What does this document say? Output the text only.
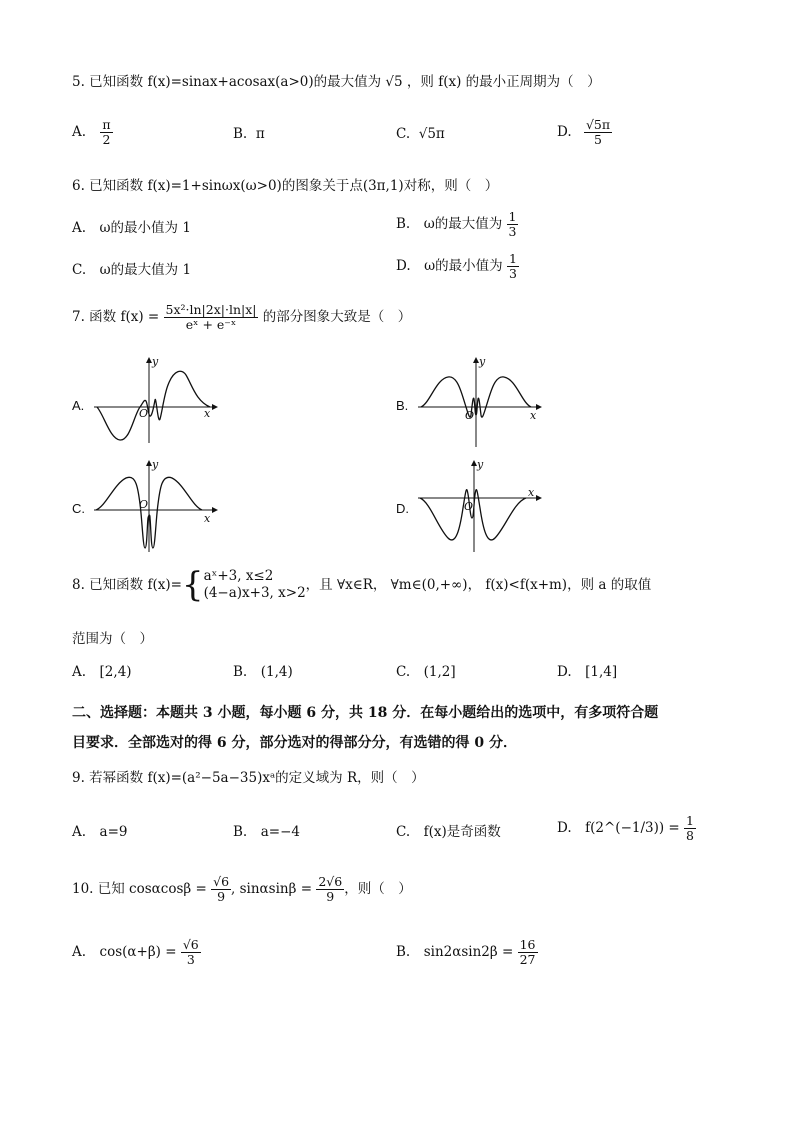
5. 已知函数 f(x)=sinax+acosax(a>0)的最大值为 √5 ，则 f(x) 的最小正周期为（　）
A. $\frac{\pi}{2}$	B. π	C. √5π	D. $\frac{√5\pi}{5}$
6. 已知函数 f(x)=1+sinωx(ω>0)的图象关于点(3π,1)对称，则（　）
A.　ω的最小值为 1	B.　ω的最大值为 $\frac{1}{3}$
C.　ω的最大值为 1	D.　ω的最小值为 $\frac{1}{3}$
7. 函数 $f(x) = \frac{\text{5x²·ln|2x|·ln|x|}}{\text{eˣ + e⁻ˣ}}$ 的部分图象大致是（　）
A.
y
x
O
B.
y
x
O
C.
y
x
O	D.
y
x
O
8. 已知函数 f(x)={ aˣ+3, x≤2
(4−a)x+3, x>2 ，且 ∀x∈R， ∀m∈(0,+∞)， f(x)<f(x+m)，则 a 的取值
范围为（　）
A.　[2,4)	B.　(1,4)	C.　(1,2]	D.　[1,4]
二、选择题：本题共 3 小题，每小题 6 分，共 18 分．在每小题给出的选项中，有多项符合题
目要求．全部选对的得 6 分，部分选对的得部分分，有选错的得 0 分．
9. 若幂函数 f(x)=(a²−5a−35)xᵃ的定义域为 R，则（　）
A.　a=9	B.　a=−4	C.　f(x)是奇函数	D.　f(2^(−1/3)) = $\frac{1}{8}$
10. 已知 $\cos\alpha\cos\beta = \frac{√6}{9}$ , $\sin\alpha\sin\beta = \frac{2√6}{9}$ ，则（　）
A.　$\cos(\alpha+\beta) = \frac{√6}{3}$	B.　$\sin 2\alpha\sin 2\beta = \frac{16}{27}$
